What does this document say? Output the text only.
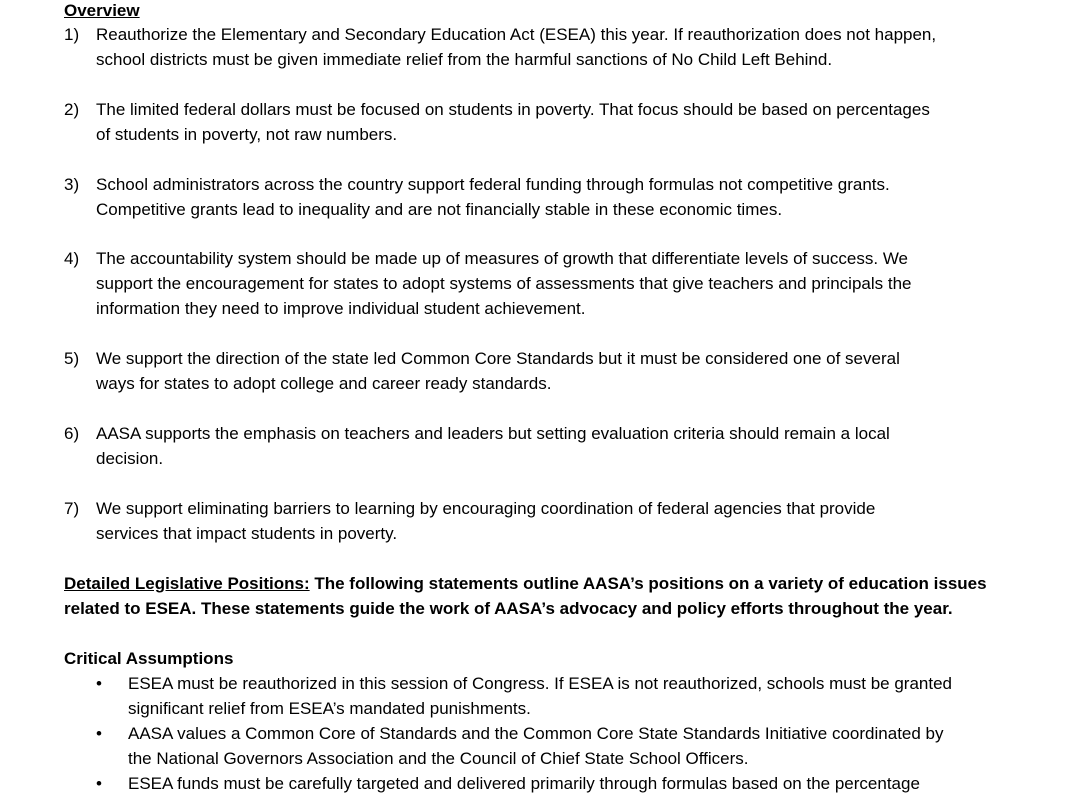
Overview
1) Reauthorize the Elementary and Secondary Education Act (ESEA) this year. If reauthorization does not happen,
school districts must be given immediate relief from the harmful sanctions of No Child Left Behind.
2) The limited federal dollars must be focused on students in poverty. That focus should be based on percentages
of students in poverty, not raw numbers.
3) School administrators across the country support federal funding through formulas not competitive grants.
Competitive grants lead to inequality and are not financially stable in these economic times.
4) The accountability system should be made up of measures of growth that differentiate levels of success. We
support the encouragement for states to adopt systems of assessments that give teachers and principals the
information they need to improve individual student achievement.
5) We support the direction of the state led Common Core Standards but it must be considered one of several
ways for states to adopt college and career ready standards.
6) AASA supports the emphasis on teachers and leaders but setting evaluation criteria should remain a local
decision.
7) We support eliminating barriers to learning by encouraging coordination of federal agencies that provide
services that impact students in poverty.
Detailed Legislative Positions: The following statements outline AASA’s positions on a variety of education issues
related to ESEA. These statements guide the work of AASA’s advocacy and policy efforts throughout the year.
Critical Assumptions
• ESEA must be reauthorized in this session of Congress. If ESEA is not reauthorized, schools must be granted
significant relief from ESEA’s mandated punishments.
• AASA values a Common Core of Standards and the Common Core State Standards Initiative coordinated by
the National Governors Association and the Council of Chief State School Officers.
• ESEA funds must be carefully targeted and delivered primarily through formulas based on the percentage
